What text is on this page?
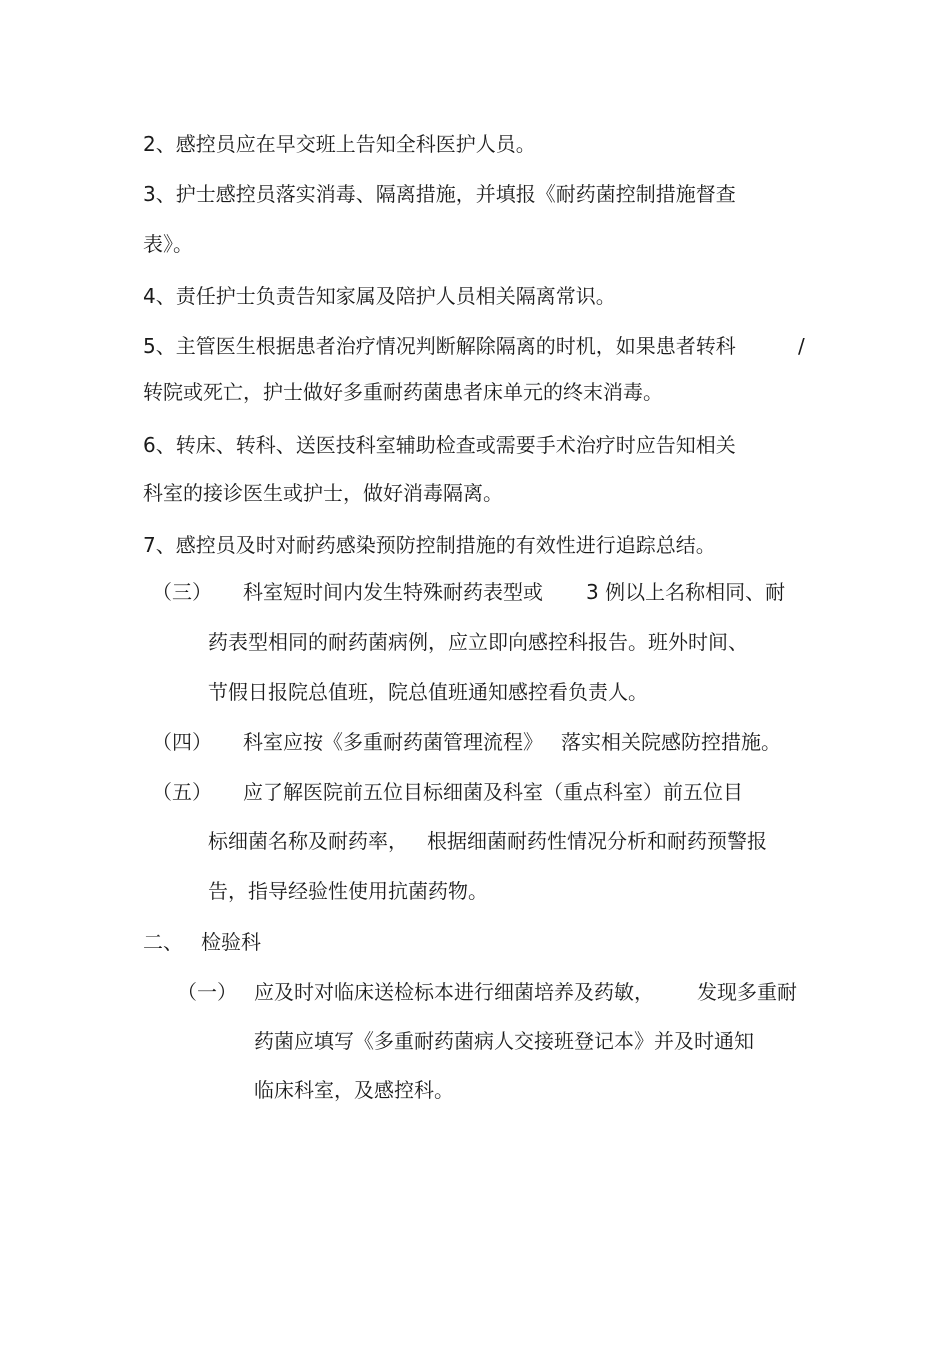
2、感控员应在早交班上告知全科医护人员。
3、护士感控员落实消毒、隔离措施，并填报《耐药菌控制措施督查
表》。
4、责任护士负责告知家属及陪护人员相关隔离常识。
5、主管医生根据患者治疗情况判断解除隔离的时机，如果患者转科	/
转院或死亡，护士做好多重耐药菌患者床单元的终末消毒。
6、转床、转科、送医技科室辅助检查或需要手术治疗时应告知相关
科室的接诊医生或护士，做好消毒隔离。
7、感控员及时对耐药感染预防控制措施的有效性进行追踪总结。
（三） 科室短时间内发生特殊耐药表型或 3 例以上名称相同、耐
药表型相同的耐药菌病例，应立即向感控科报告。班外时间、
节假日报院总值班，院总值班通知感控看负责人。
（四） 科室应按《多重耐药菌管理流程》 落实相关院感防控措施。
（五） 应了解医院前五位目标细菌及科室（重点科室）前五位目
标细菌名称及耐药率， 根据细菌耐药性情况分析和耐药预警报
告，指导经验性使用抗菌药物。
二、 检验科
（一） 应及时对临床送检标本进行细菌培养及药敏， 发现多重耐
药菌应填写《多重耐药菌病人交接班登记本》并及时通知
临床科室，及感控科。
